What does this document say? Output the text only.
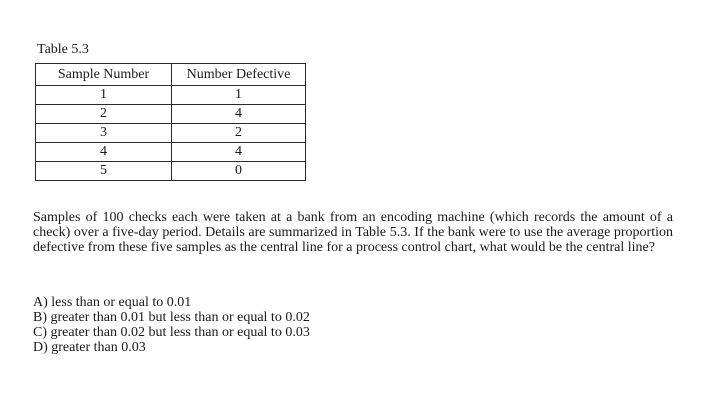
Table 5.3
Sample Number	Number Defective
1	1
2	4
3	2
4	4
5	0
Samples of 100 checks each were taken at a bank from an encoding machine (which records the amount of a check) over a five-day period. Details are summarized in Table 5.3. If the bank were to use the average proportion defective from these five samples as the central line for a process control chart, what would be the central line?
A) less than or equal to 0.01
B) greater than 0.01 but less than or equal to 0.02
C) greater than 0.02 but less than or equal to 0.03
D) greater than 0.03
